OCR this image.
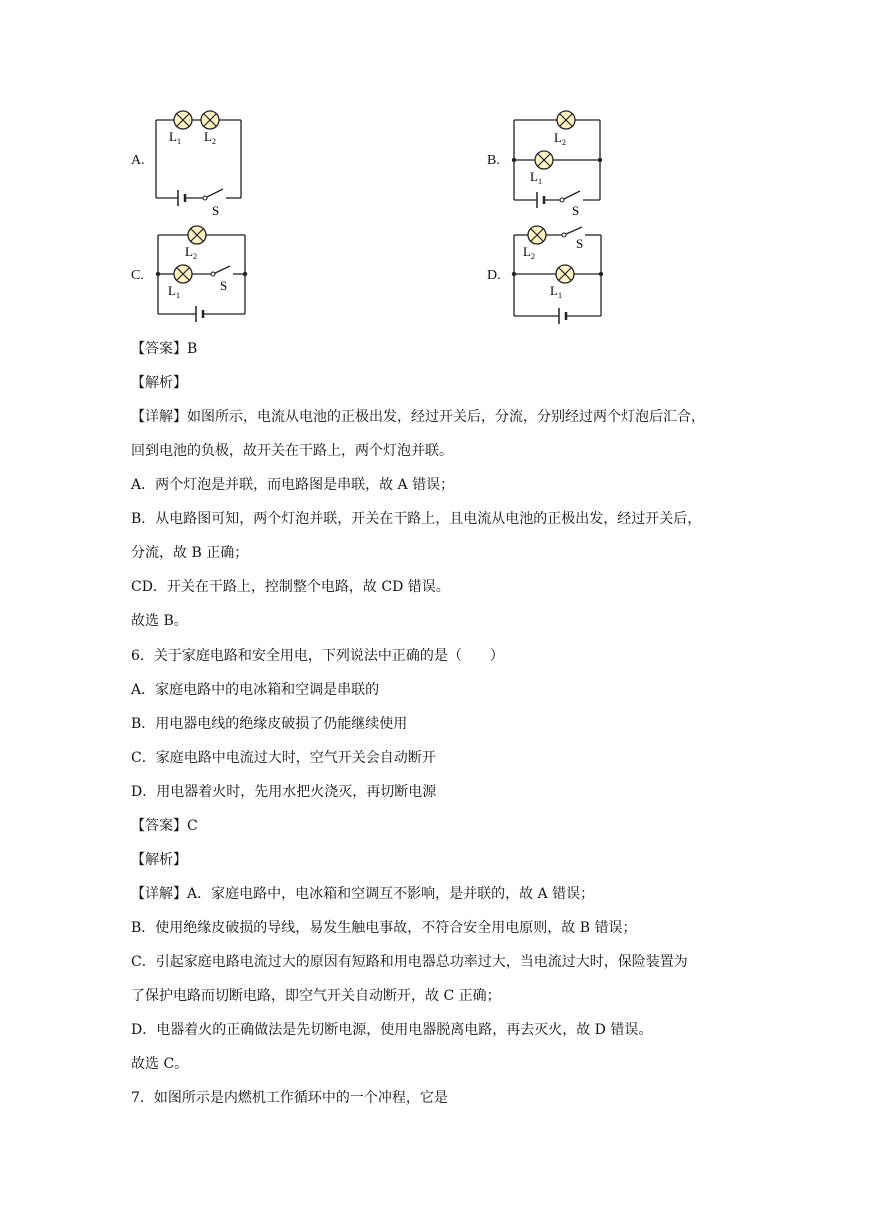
A.
$L_1$ $L_2$
S
B.
$L_2$
$L_1$
S
C.
$L_2$
$L_1$
S
D.
$L_2$
$L_1$
S
【答案】B
【解析】
【详解】如图所示，电流从电池的正极出发，经过开关后，分流，分别经过两个灯泡后汇合，
回到电池的负极，故开关在干路上，两个灯泡并联。
A．两个灯泡是并联，而电路图是串联，故 A 错误；
B．从电路图可知，两个灯泡并联，开关在干路上，且电流从电池的正极出发，经过开关后，
分流，故 B 正确；
CD．开关在干路上，控制整个电路，故 CD 错误。
故选 B。
6．关于家庭电路和安全用电，下列说法中正确的是（　　）
A．家庭电路中的电冰箱和空调是串联的
B．用电器电线的绝缘皮破损了仍能继续使用
C．家庭电路中电流过大时，空气开关会自动断开
D．用电器着火时，先用水把火浇灭，再切断电源
【答案】C
【解析】
【详解】A．家庭电路中，电冰箱和空调互不影响，是并联的，故 A 错误；
B．使用绝缘皮破损的导线，易发生触电事故，不符合安全用电原则，故 B 错误；
C．引起家庭电路电流过大的原因有短路和用电器总功率过大，当电流过大时，保险装置为
了保护电路而切断电路，即空气开关自动断开，故 C 正确；
D．电器着火的正确做法是先切断电源，使用电器脱离电路，再去灭火，故 D 错误。
故选 C。
7．如图所示是内燃机工作循环中的一个冲程，它是
